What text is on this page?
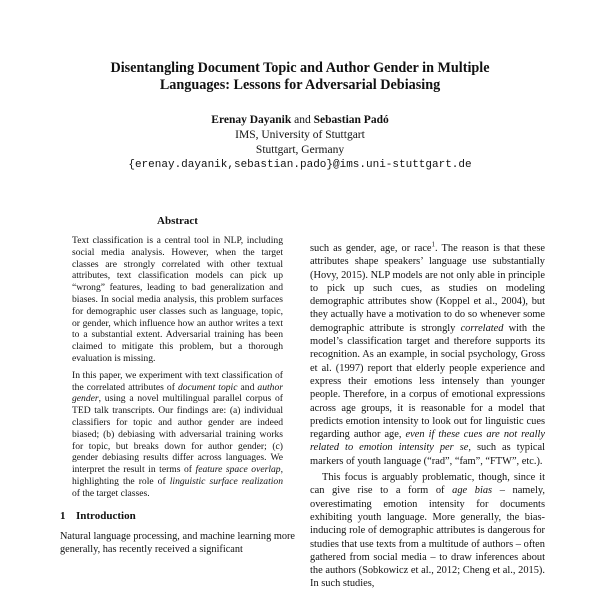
Disentangling Document Topic and Author Gender in Multiple
Languages: Lessons for Adversarial Debiasing
Erenay Dayanik and Sebastian Padó
IMS, University of Stuttgart
Stuttgart, Germany
{erenay.dayanik,sebastian.pado}@ims.uni-stuttgart.de
Abstract

Text classification is a central tool in NLP, including social media analysis. However, when the target classes are strongly correlated with other textual attributes, text classification models can pick up “wrong” features, leading to bad generalization and biases. In social media analysis, this problem surfaces for demographic user classes such as language, topic, or gender, which influence how an author writes a text to a substantial extent. Adversarial training has been claimed to mitigate this problem, but a thorough evaluation is missing.

In this paper, we experiment with text classification of the correlated attributes of document topic and author gender, using a novel multilingual parallel corpus of TED talk transcripts. Our findings are: (a) individual classifiers for topic and author gender are indeed biased; (b) debiasing with adversarial training works for topic, but breaks down for author gender; (c) gender debiasing results differ across languages. We interpret the result in terms of feature space overlap, highlighting the role of linguistic surface realization of the target classes.

1 Introduction

Natural language processing, and machine learning more generally, has recently received a significant

such as gender, age, or race$^1$. The reason is that these attributes shape speakers’ language use substantially (Hovy, 2015). NLP models are not only able in principle to pick up such cues, as studies on modeling demographic attributes show (Koppel et al., 2004), but they actually have a motivation to do so whenever some demographic attribute is strongly correlated with the model’s classification target and therefore supports its recognition. As an example, in social psychology, Gross et al. (1997) report that elderly people experience and express their emotions less intensely than younger people. Therefore, in a corpus of emotional expressions across age groups, it is reasonable for a model that predicts emotion intensity to look out for linguistic cues regarding author age, even if these cues are not really related to emotion intensity per se, such as typical markers of youth language (“rad”, “fam”, “FTW”, etc.).

This focus is arguably problematic, though, since it can give rise to a form of age bias – namely, overestimating emotion intensity for documents exhibiting youth language. More generally, the bias-inducing role of demographic attributes is dangerous for studies that use texts from a multitude of authors – often gathered from social media – to draw inferences about the authors (Sobkowicz et al., 2012; Cheng et al., 2015). In such studies,
